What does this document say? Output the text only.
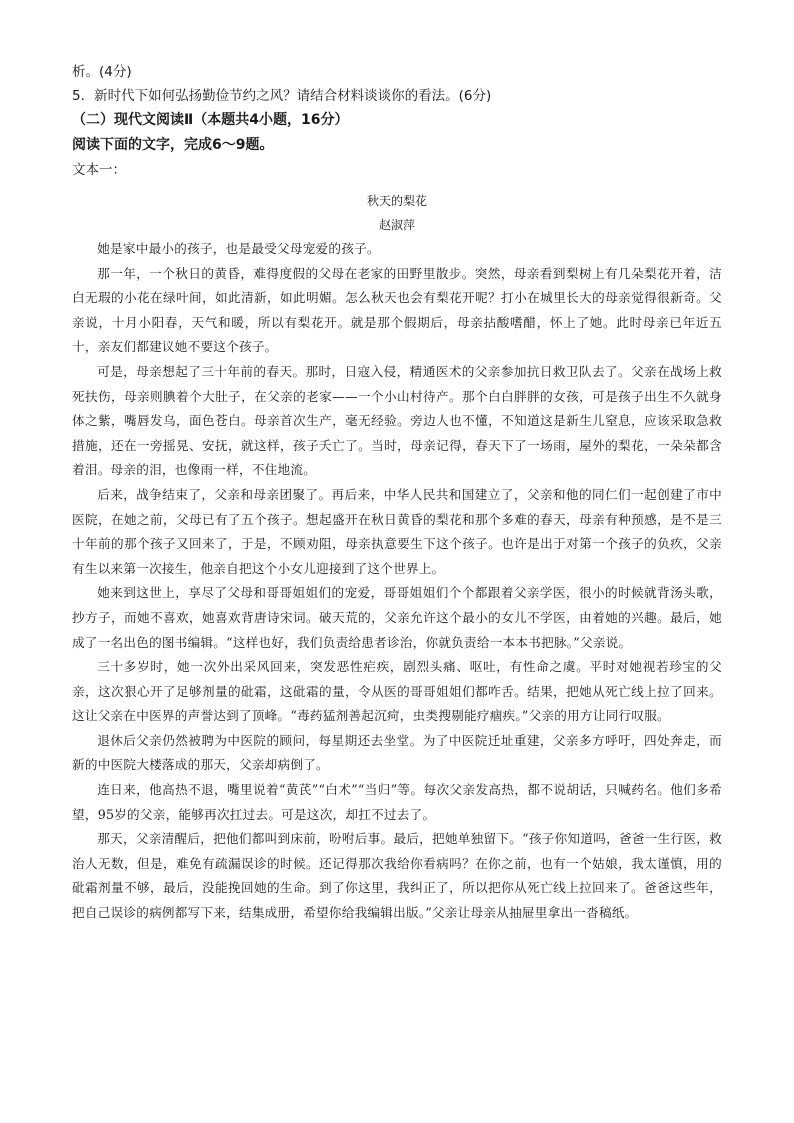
析。(4分)

5．新时代下如何弘扬勤俭节约之风？请结合材料谈谈你的看法。(6分)

（二）现代文阅读Ⅱ（本题共4小题，16分）

阅读下面的文字，完成6～9题。

文本一：

秋天的梨花

赵淑萍

她是家中最小的孩子，也是最受父母宠爱的孩子。

那一年，一个秋日的黄昏，难得度假的父母在老家的田野里散步。突然，母亲看到梨树上有几朵梨花开着，洁白无瑕的小花在绿叶间，如此清新，如此明媚。怎么秋天也会有梨花开呢？打小在城里长大的母亲觉得很新奇。父亲说，十月小阳春，天气和暖，所以有梨花开。就是那个假期后，母亲拈酸嗜醋，怀上了她。此时母亲已年近五十，亲友们都建议她不要这个孩子。

可是，母亲想起了三十年前的春天。那时，日寇入侵，精通医术的父亲参加抗日救卫队去了。父亲在战场上救死扶伤，母亲则腆着个大肚子，在父亲的老家——一个小山村待产。那个白白胖胖的女孩，可是孩子出生不久就身体之紫，嘴唇发乌，面色苍白。母亲首次生产，毫无经验。旁边人也不懂，不知道这是新生儿窒息，应该采取急救措施，还在一旁摇晃、安抚，就这样，孩子夭亡了。当时，母亲记得，春天下了一场雨，屋外的梨花，一朵朵都含着泪。母亲的泪，也像雨一样，不住地流。

后来，战争结束了，父亲和母亲团聚了。再后来，中华人民共和国建立了，父亲和他的同仁们一起创建了市中医院，在她之前，父母已有了五个孩子。想起盛开在秋日黄昏的梨花和那个多难的春天，母亲有种预感，是不是三十年前的那个孩子又回来了，于是，不顾劝阻，母亲执意要生下这个孩子。也许是出于对第一个孩子的负疚，父亲有生以来第一次接生，他亲自把这个小女儿迎接到了这个世界上。

她来到这世上，享尽了父母和哥哥姐姐们的宠爱，哥哥姐姐们个个都跟着父亲学医，很小的时候就背汤头歌，抄方子，而她不喜欢，她喜欢背唐诗宋词。破天荒的，父亲允许这个最小的女儿不学医，由着她的兴趣。最后，她成了一名出色的图书编辑。“这样也好，我们负责给患者诊治，你就负责给一本本书把脉。”父亲说。

三十多岁时，她一次外出采风回来，突发恶性疟疾，剧烈头痛、呕吐，有性命之虞。平时对她视若珍宝的父亲，这次狠心开了足够剂量的砒霜，这砒霜的量，令从医的哥哥姐姐们都咋舌。结果，把她从死亡线上拉了回来。这让父亲在中医界的声誉达到了顶峰。“毒药猛剂善起沉疴，虫类搜剔能疗痼疾。”父亲的用方让同行叹服。

退休后父亲仍然被聘为中医院的顾问，每星期还去坐堂。为了中医院迁址重建，父亲多方呼吁，四处奔走，而新的中医院大楼落成的那天，父亲却病倒了。

连日来，他高热不退，嘴里说着“黄芪”“白术”“当归”等。每次父亲发高热，都不说胡话，只喊药名。他们多希望，95岁的父亲，能够再次扛过去。可是这次，却扛不过去了。

那天，父亲清醒后，把他们都叫到床前，吩咐后事。最后，把她单独留下。“孩子你知道吗，爸爸一生行医，救治人无数，但是，难免有疏漏误诊的时候。还记得那次我给你看病吗？在你之前，也有一个姑娘，我太谨慎，用的砒霜剂量不够，最后，没能挽回她的生命。到了你这里，我纠正了，所以把你从死亡线上拉回来了。爸爸这些年，把自己误诊的病例都写下来，结集成册，希望你给我编辑出版。”父亲让母亲从抽屉里拿出一沓稿纸。
